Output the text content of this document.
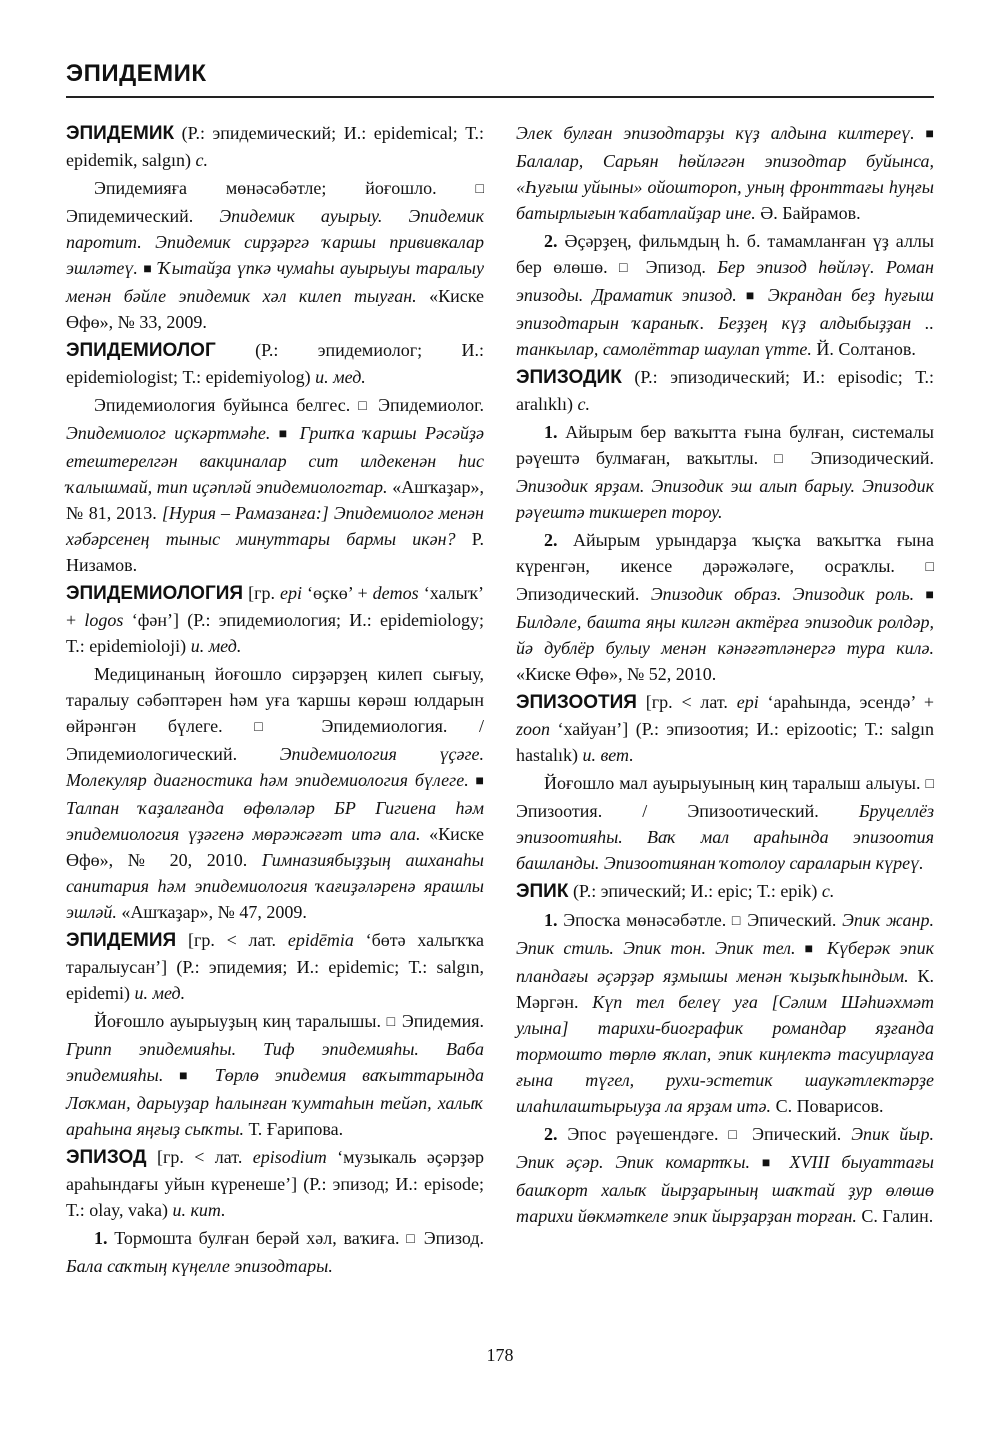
ЭПИДЕМИК

ЭПИДЕМИК (Р.: эпидемический; И.: epidemical; Т.: epidemik, salgın) с.

Эпидемияға мөнәсәбәтле; йоғошло. □ Эпидемический. Эпидемик ауырыу. Эпидемик паротит. Эпидемик сирҙәргә ҡаршы прививкалар эшләтеү. ■ Ҡытайҙа үпкә чумаһы ауырыуы таралыу менән бәйле эпидемик хәл килеп тыуған. «Киске Өфө», № 33, 2009.

ЭПИДЕМИОЛОГ (Р.: эпидемиолог; И.: epidemiologist; Т.: epidemiyolog) и. мед.

Эпидемиология буйынса белгес. □ Эпидемиолог. Эпидемиолог иҫкәртмәһе. ■ Грипҡа ҡаршы Рәсәйҙә етештерелгән вакциналар сит илдекенән һис ҡалышмай, тип иҫәпләй эпидемиологтар. «Ашҡаҙар», № 81, 2013. [Нурия – Рамазанға:] Эпидемиолог менән хәбәрсенең тыныс минуттары бармы икән? Р. Низамов.

ЭПИДЕМИОЛОГИЯ [гр. epi ‘өҫкө’ + demos ‘халыҡ’ + logos ‘фән’] (Р.: эпидемиология; И.: epidemiology; Т.: epidemioloji) и. мед.

Медицинаның йоғошло сирҙәрҙең килеп сығыу, таралыу сәбәптәрен һәм уға ҡаршы көрәш юлдарын өйрәнгән бүлеге. □ Эпидемиология. / Эпидемиологический. Эпидемиология үҫәге. Молекуляр диагностика һәм эпидемиология бүлеге. ■ Талпан ҡаҙалғанда өфөләләр БР Гигиена һәм эпидемиология үҙәгенә мөрәжәғәт итә ала. «Киске Өфө», № 20, 2010. Гимназиябыҙҙың ашханаһы санитария һәм эпидемиология ҡағиҙәләренә ярашлы эшләй. «Ашҡаҙар», № 47, 2009.

ЭПИДЕМИЯ [гр. < лат. epidēmia ‘бөтә халыҡҡа таралыусан’] (Р.: эпидемия; И.: epidemic; Т.: salgın, epidemi) и. мед.

Йоғошло ауырыуҙың киң таралышы. □ Эпидемия. Грипп эпидемияһы. Тиф эпидемияһы. Ваба эпидемияһы. ■ Төрлө эпидемия ваҡыттарында Лоҡман, дарыуҙар һалынған ҡумтаһын тейәп, халыҡ араһына яңғыҙ сыҡты. Т. Ғарипова.

ЭПИЗОД [гр. < лат. episodium ‘музыкаль әҫәрҙәр араһындағы уйын күренеше’] (Р.: эпизод; И.: episode; Т.: olay, vaka) и. кит.

1. Тормошта булған берәй хәл, ваҡиға. □ Эпизод. Бала саҡтың күңелле эпизодтары.

Элек булған эпизодтарҙы күҙ алдына килтереү. ■ Балалар, Сарьян һөйләгән эпизодтар буйынса, «Һуғыш уйыны» ойоштороп, уның фронттағы һуңғы батырлығын ҡабатлайҙар ине. Ә. Байрамов.

2. Әҫәрҙең, фильмдың һ. б. тамамланған үҙ аллы бер өлөшө. □ Эпизод. Бер эпизод һөйләү. Роман эпизоды. Драматик эпизод. ■ Экрандан беҙ һуғыш эпизодтарын ҡараныҡ. Беҙҙең күҙ алдыбыҙҙан .. танкылар, самолёттар шаулап үтте. Й. Солтанов.

ЭПИЗОДИК (Р.: эпизодический; И.: episodic; Т.: aralıklı) с.

1. Айырым бер ваҡытта ғына булған, системалы рәүештә булмаған, ваҡытлы. □ Эпизодический. Эпизодик ярҙам. Эпизодик эш алып барыу. Эпизодик рәүештә тикшереп тороу.

2. Айырым урындарҙа ҡыҫҡа ваҡытҡа ғына күренгән, икенсе дәрәжәләге, осраҡлы. □ Эпизодический. Эпизодик образ. Эпизодик роль. ■ Билдәле, башта яңы килгән актёрға эпизодик ролдәр, йә дублёр булыу менән кәнәғәтләнергә тура килә. «Киске Өфө», № 52, 2010.

ЭПИЗООТИЯ [гр. < лат. epi ‘араһында, эсендә’ + zoon ‘хайуан’] (Р.: эпизоотия; И.: epizootic; Т.: salgın hastalık) и. вет.

Йоғошло мал ауырыуының киң таралыш алыуы. □ Эпизоотия. / Эпизоотический. Бруцеллёз эпизоотияһы. Ваҡ мал араһында эпизоотия башланды. Эпизоотиянан ҡотолоу сараларын күреү.

ЭПИК (Р.: эпический; И.: epic; Т.: epik) с.

1. Эпосҡа мөнәсәбәтле. □ Эпический. Эпик жанр. Эпик стиль. Эпик тон. Эпик тел. ■ Күберәк эпик пландағы әҫәрҙәр яҙмышы менән ҡыҙыҡһындым. К. Мәргән. Күп тел белеү уға [Сәлим Шәһиәхмәт улына] тарихи-биографик романдар яҙғанда тормошто төрлө яҡлап, эпик киңлектә тасуирлауға ғына түгел, рухи-эстетик шаукәтлектәрҙе илаһилаштырыуҙа ла ярҙам итә. С. Поварисов.

2. Эпос рәүешендәге. □ Эпический. Эпик йыр. Эпик әҫәр. Эпик комартҡы. ■ XVIII быуаттағы башҡорт халыҡ йырҙарының шаҡтай ҙур өлөшө тарихи йөкмәткеле эпик йырҙарҙан торған. С. Галин.

178
